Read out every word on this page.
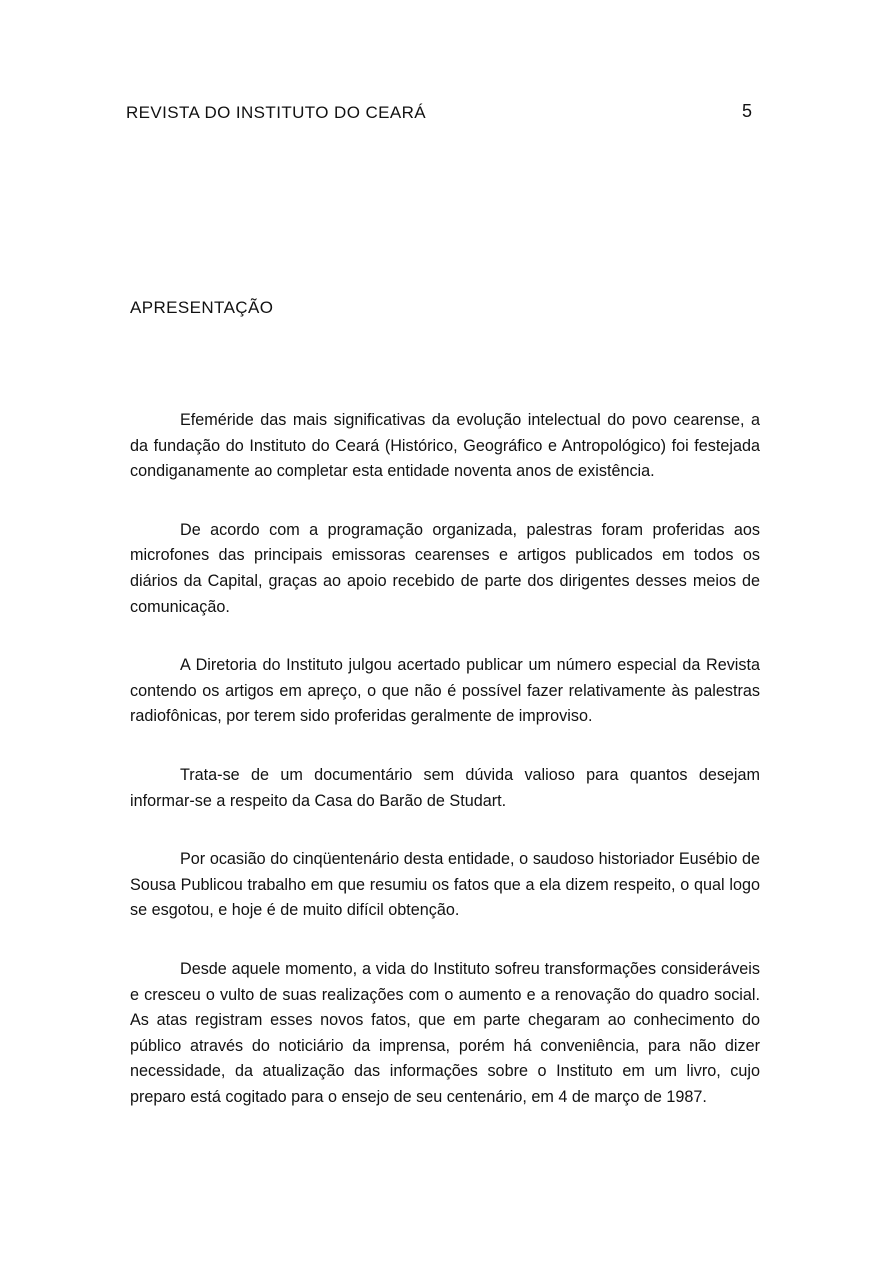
REVISTA DO INSTITUTO DO CEARÁ	5
APRESENTAÇÃO

Efeméride das mais significativas da evolução intelectual do povo cearense, a da fundação do Instituto do Ceará (Histórico, Geográfico e Antropológico) foi festejada condiganamente ao completar esta entidade noventa anos de existência.

De acordo com a programação organizada, palestras foram proferidas aos microfones das principais emissoras cearenses e artigos publicados em todos os diários da Capital, graças ao apoio recebido de parte dos dirigentes desses meios de comunicação.

A Diretoria do Instituto julgou acertado publicar um número especial da Revista contendo os artigos em apreço, o que não é possível fazer relativamente às palestras radiofônicas, por terem sido proferidas geralmente de improviso.

Trata-se de um documentário sem dúvida valioso para quantos desejam informar-se a respeito da Casa do Barão de Studart.

Por ocasião do cinqüentenário desta entidade, o saudoso historiador Eusébio de Sousa Publicou trabalho em que resumiu os fatos que a ela dizem respeito, o qual logo se esgotou, e hoje é de muito difícil obtenção.

Desde aquele momento, a vida do Instituto sofreu transformações consideráveis e cresceu o vulto de suas realizações com o aumento e a renovação do quadro social. As atas registram esses novos fatos, que em parte chegaram ao conhecimento do público através do noticiário da imprensa, porém há conveniência, para não dizer necessidade, da atualização das informações sobre o Instituto em um livro, cujo preparo está cogitado para o ensejo de seu centenário, em 4 de março de 1987.
